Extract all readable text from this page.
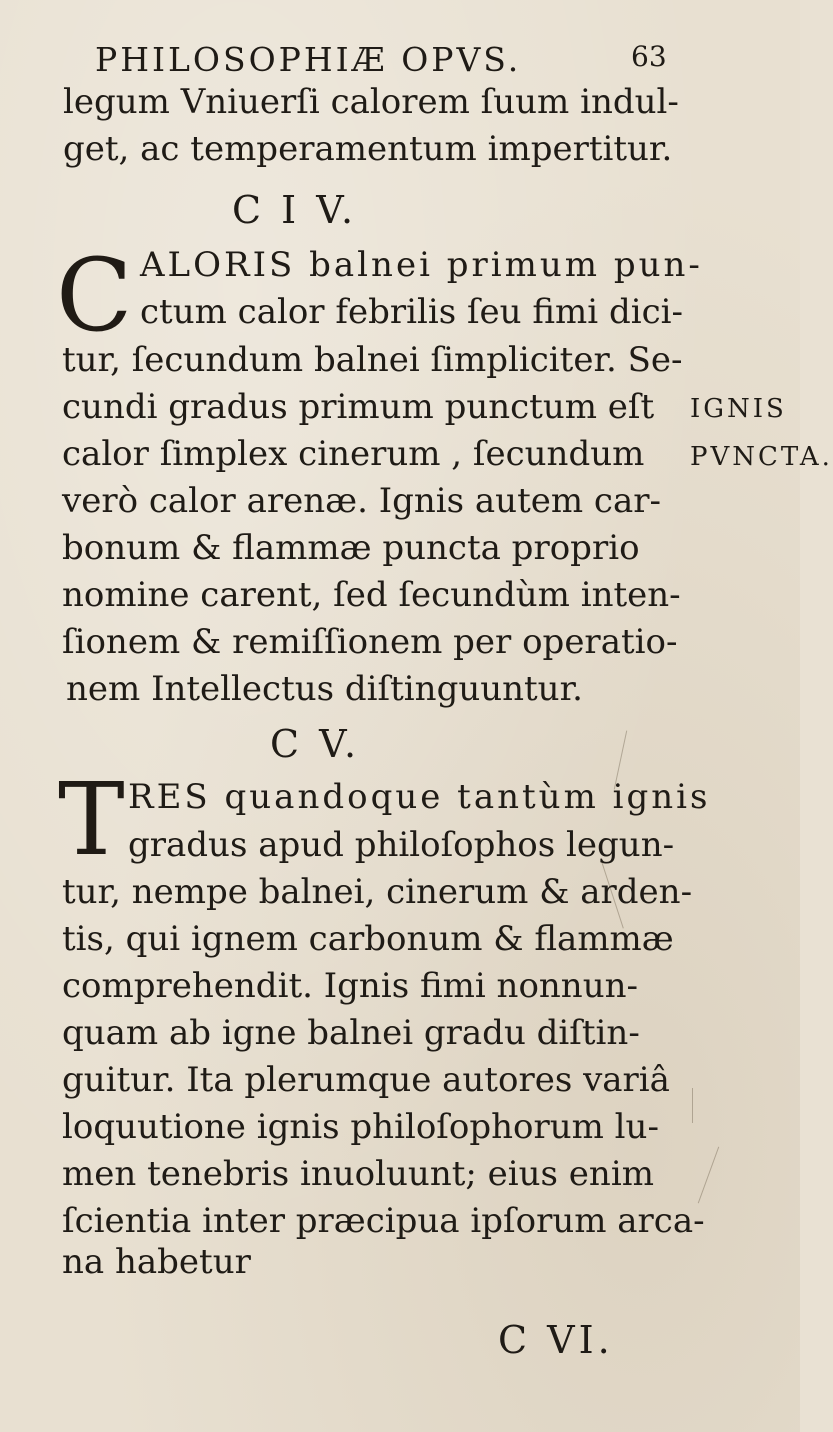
PHILOSOPHIÆ OPVS.	63
legum Vniuerſi calorem ſuum indul-
get, ac temperamentum impertitur.
C I V.
C ALORIS balnei primum pun-
ctum calor febrilis ſeu fimi dici-
tur, ſecundum balnei ſimpliciter. Se-
cundi gradus primum punctum eſt
calor ſimplex cinerum , ſecundum
verò calor arenæ. Ignis autem car-
bonum & flammæ puncta proprio
nomine carent, ſed ſecundùm inten-
ſionem & remiſſionem per operatio-
nem Intellectus diſtinguuntur.
IGNIS
PVNCTA.
C V.
T RES quandoque tantùm ignis
gradus apud philoſophos legun-
tur, nempe balnei, cinerum & arden-
tis, qui ignem carbonum & flammæ
comprehendit. Ignis fimi nonnun-
quam ab igne balnei gradu diſtin-
guitur. Ita plerumque autores variâ
loquutione ignis philoſophorum lu-
men tenebris inuoluunt; eius enim
ſcientia inter præcipua ipſorum arca-
na habetur
C VI.
